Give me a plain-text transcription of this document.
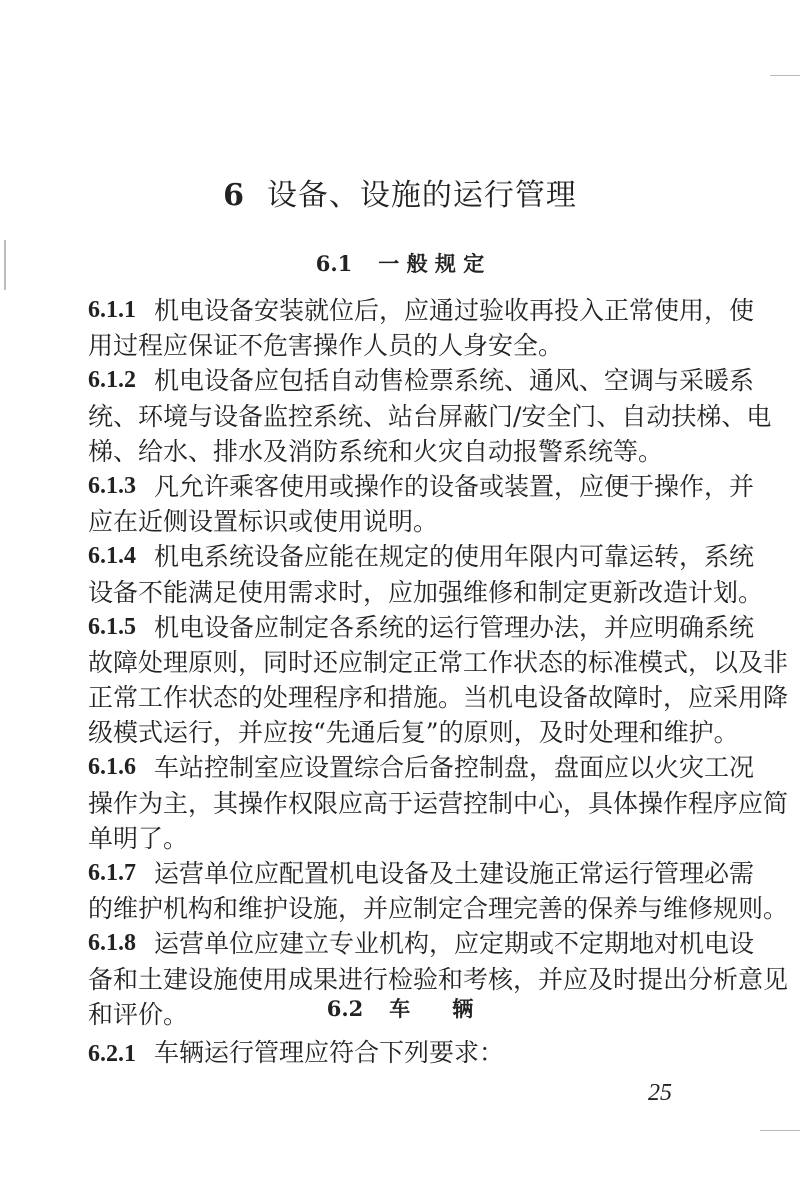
6 设备、设施的运行管理
6.1 一 般 规 定
6.1.1 机电设备安装就位后，应通过验收再投入正常使用，使
用过程应保证不危害操作人员的人身安全。
6.1.2 机电设备应包括自动售检票系统、通风、空调与采暖系
统、环境与设备监控系统、站台屏蔽门/安全门、自动扶梯、电
梯、给水、排水及消防系统和火灾自动报警系统等。
6.1.3 凡允许乘客使用或操作的设备或装置，应便于操作，并
应在近侧设置标识或使用说明。
6.1.4 机电系统设备应能在规定的使用年限内可靠运转，系统
设备不能满足使用需求时，应加强维修和制定更新改造计划。
6.1.5 机电设备应制定各系统的运行管理办法，并应明确系统
故障处理原则，同时还应制定正常工作状态的标准模式，以及非
正常工作状态的处理程序和措施。当机电设备故障时，应采用降
级模式运行，并应按“先通后复”的原则，及时处理和维护。
6.1.6 车站控制室应设置综合后备控制盘，盘面应以火灾工况
操作为主，其操作权限应高于运营控制中心，具体操作程序应简
单明了。
6.1.7 运营单位应配置机电设备及土建设施正常运行管理必需
的维护机构和维护设施，并应制定合理完善的保养与维修规则。
6.1.8 运营单位应建立专业机构，应定期或不定期地对机电设
备和土建设施使用成果进行检验和考核，并应及时提出分析意见
和评价。	6.2 车　　辆
6.2.1 车辆运行管理应符合下列要求：
25
